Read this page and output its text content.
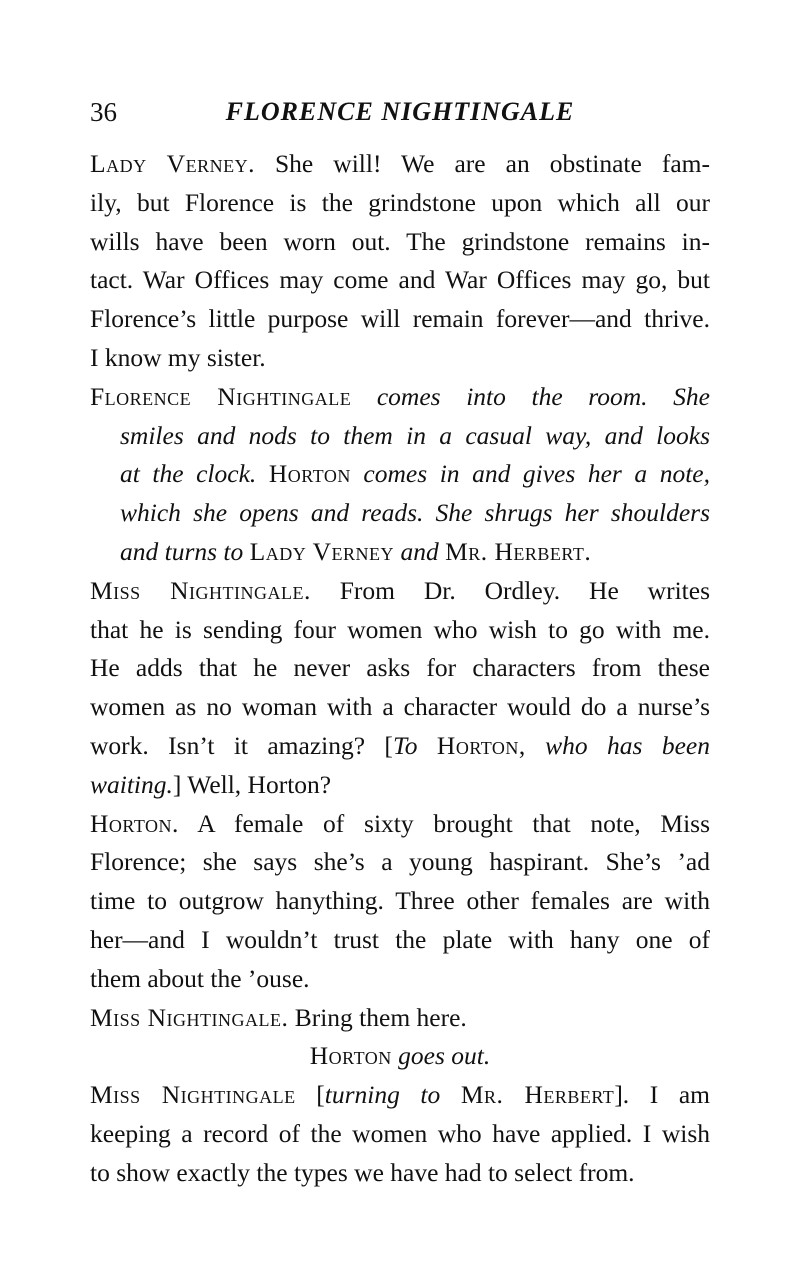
36	FLORENCE NIGHTINGALE

Lady Verney. She will! We are an obstinate fam-
ily, but Florence is the grindstone upon which all our
wills have been worn out. The grindstone remains in-
tact. War Offices may come and War Offices may go, but
Florence’s little purpose will remain forever—and thrive.
I know my sister.

Florence Nightingale comes into the room. She
smiles and nods to them in a casual way, and looks
at the clock. Horton comes in and gives her a note,
which she opens and reads. She shrugs her shoulders
and turns to Lady Verney and Mr. Herbert.

Miss Nightingale. From Dr. Ordley. He writes
that he is sending four women who wish to go with me.
He adds that he never asks for characters from these
women as no woman with a character would do a nurse’s
work. Isn’t it amazing? [To Horton, who has been
waiting.] Well, Horton?

Horton. A female of sixty brought that note, Miss
Florence; she says she’s a young haspirant. She’s ’ad
time to outgrow hanything. Three other females are with
her—and I wouldn’t trust the plate with hany one of
them about the ’ouse.

Miss Nightingale. Bring them here.

Horton goes out.

Miss Nightingale [turning to Mr. Herbert]. I am
keeping a record of the women who have applied. I wish
to show exactly the types we have had to select from.
